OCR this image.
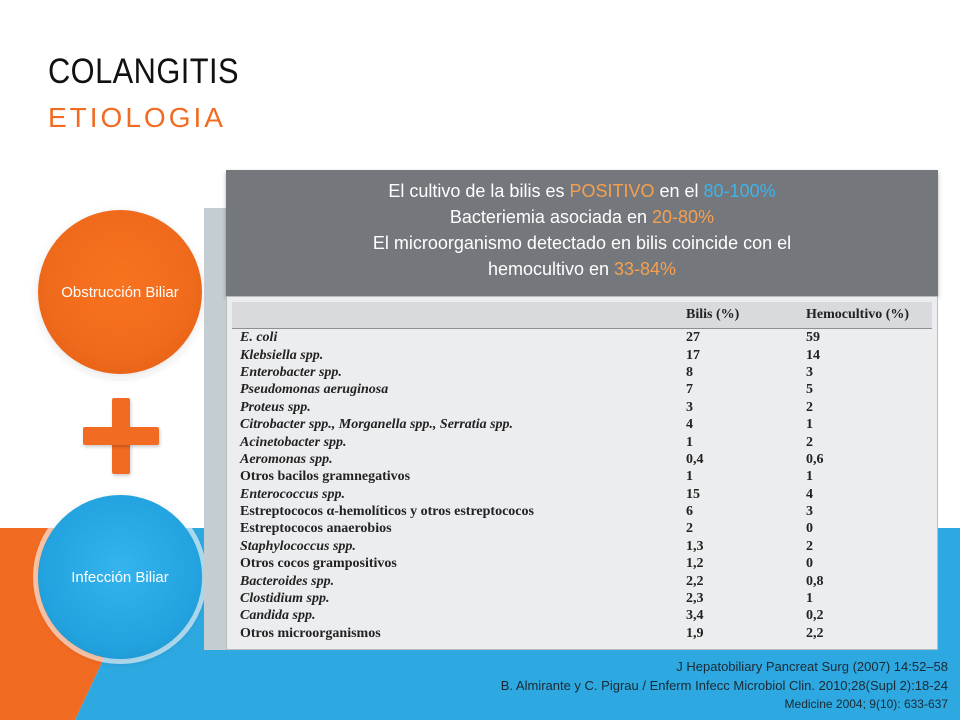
COLANGITIS
ETIOLOGIA
Obstrucción Biliar
Infección Biliar

El cultivo de la bilis es POSITIVO en el 80-100%

Bacteriemia asociada en 20-80%

El microorganismo detectado en bilis coincide con el

hemocultivo en 33-84%

	Bilis (%)	Hemocultivo (%)
E. coli	27	59
Klebsiella spp.	17	14
Enterobacter spp.	8	3
Pseudomonas aeruginosa	7	5
Proteus spp.	3	2
Citrobacter spp., Morganella spp., Serratia spp.	4	1
Acinetobacter spp.	1	2
Aeromonas spp.	0,4	0,6
Otros bacilos gramnegativos	1	1
Enterococcus spp.	15	4
Estreptococos α-hemolíticos y otros estreptococos	6	3
Estreptococos anaerobios	2	0
Staphylococcus spp.	1,3	2
Otros cocos grampositivos	1,2	0
Bacteroides spp.	2,2	0,8
Clostidium spp.	2,3	1
Candida spp.	3,4	0,2
Otros microorganismos	1,9	2,2
J Hepatobiliary Pancreat Surg (2007) 14:52–58
B. Almirante y C. Pigrau / Enferm Infecc Microbiol Clin. 2010;28(Supl 2):18-24
Medicine 2004; 9(10): 633-637
